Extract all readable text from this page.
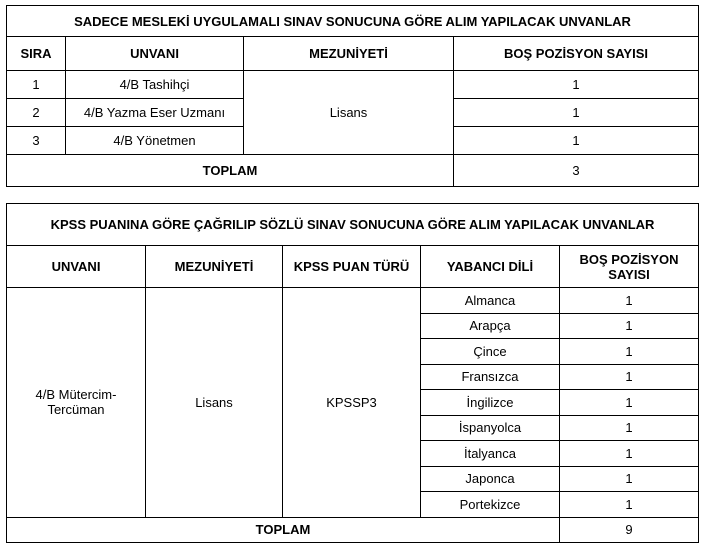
SADECE MESLEKİ UYGULAMALI SINAV SONUCUNA GÖRE ALIM YAPILACAK UNVANLAR			
SIRA	UNVANI	MEZUNİYETİ	BOŞ POZİSYON SAYISI
1	4/B Tashihçi	Lisans	1
2	4/B Yazma Eser Uzmanı		1
3	4/B Yönetmen		1
TOPLAM			3
KPSS PUANINA GÖRE ÇAĞRILIP SÖZLÜ SINAV SONUCUNA GÖRE ALIM YAPILACAK UNVANLAR				
UNVANI	MEZUNİYETİ	KPSS PUAN TÜRÜ	YABANCI DİLİ	BOŞ POZİSYON SAYISI
4/B Mütercim-Tercüman	Lisans	KPSSP3	Almanca	1
			Arapça	1
			Çince	1
			Fransızca	1
			İngilizce	1
			İspanyolca	1
			İtalyanca	1
			Japonca	1
			Portekizce	1
TOPLAM				9
